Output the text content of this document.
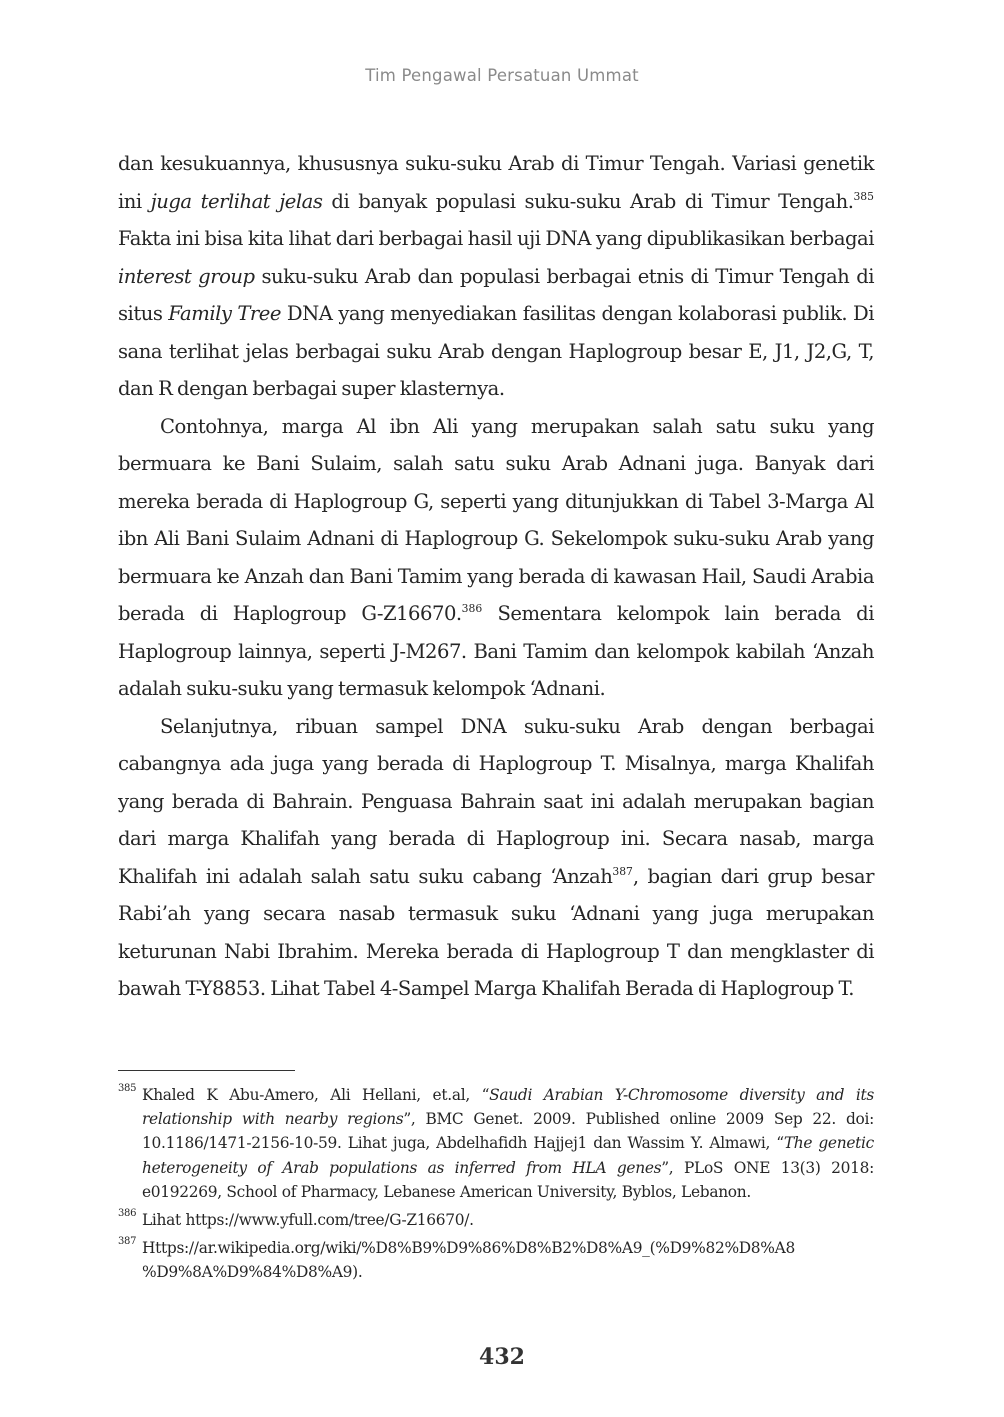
Tim Pengawal Persatuan Ummat

dan kesukuannya, khususnya suku-suku Arab di Timur Tengah. Variasi genetik ini juga terlihat jelas di banyak populasi suku-suku Arab di Timur Tengah.$^{385}$ Fakta ini bisa kita lihat dari berbagai hasil uji DNA yang dipublikasikan berbagai interest group suku-suku Arab dan populasi berbagai etnis di Timur Tengah di situs Family Tree DNA yang menyediakan fasilitas dengan kolaborasi publik. Di sana terlihat jelas berbagai suku Arab dengan Haplogroup besar E, J1, J2,G, T, dan R dengan berbagai super klasternya.

Contohnya, marga Al ibn Ali yang merupakan salah satu suku yang bermuara ke Bani Sulaim, salah satu suku Arab Adnani juga. Banyak dari mereka berada di Haplogroup G, seperti yang ditunjukkan di Tabel 3-Marga Al ibn Ali Bani Sulaim Adnani di Haplogroup G. Sekelompok suku-suku Arab yang bermuara ke Anzah dan Bani Tamim yang berada di kawasan Hail, Saudi Arabia berada di Haplogroup G-Z16670.$^{386}$ Sementara kelompok lain berada di Haplogroup lainnya, seperti J-M267. Bani Tamim dan kelompok kabilah ‘Anzah adalah suku-suku yang termasuk kelompok ‘Adnani.

Selanjutnya, ribuan sampel DNA suku-suku Arab dengan berbagai cabangnya ada juga yang berada di Haplogroup T. Misalnya, marga Khalifah yang berada di Bahrain. Penguasa Bahrain saat ini adalah merupakan bagian dari marga Khalifah yang berada di Haplogroup ini. Secara nasab, marga Khalifah ini adalah salah satu suku cabang ‘Anzah$^{387}$, bagian dari grup besar Rabi’ah yang secara nasab termasuk suku ‘Adnani yang juga merupakan keturunan Nabi Ibrahim. Mereka berada di Haplogroup T dan mengklaster di bawah T-Y8853. Lihat Tabel 4-Sampel Marga Khalifah Berada di Haplogroup T.

385 Khaled K Abu-Amero, Ali Hellani, et.al, “Saudi Arabian Y-Chromosome diversity and its relationship with nearby regions”, BMC Genet. 2009. Published online 2009 Sep 22. doi: 10.1186/1471-2156-10-59. Lihat juga, Abdelhafidh Hajjej1 dan Wassim Y. Almawi, “The genetic heterogeneity of Arab populations as inferred from HLA genes”, PLoS ONE 13(3) 2018: e0192269, School of Pharmacy, Lebanese American University, Byblos, Lebanon.
386 Lihat https://www.yfull.com/tree/G-Z16670/.
387 Https://ar.wikipedia.org/wiki/%D8%B9%D9%86%D8%B2%D8%A9_(%D9%82%D8%A8 %D9%8A%D9%84%D8%A9).
432
